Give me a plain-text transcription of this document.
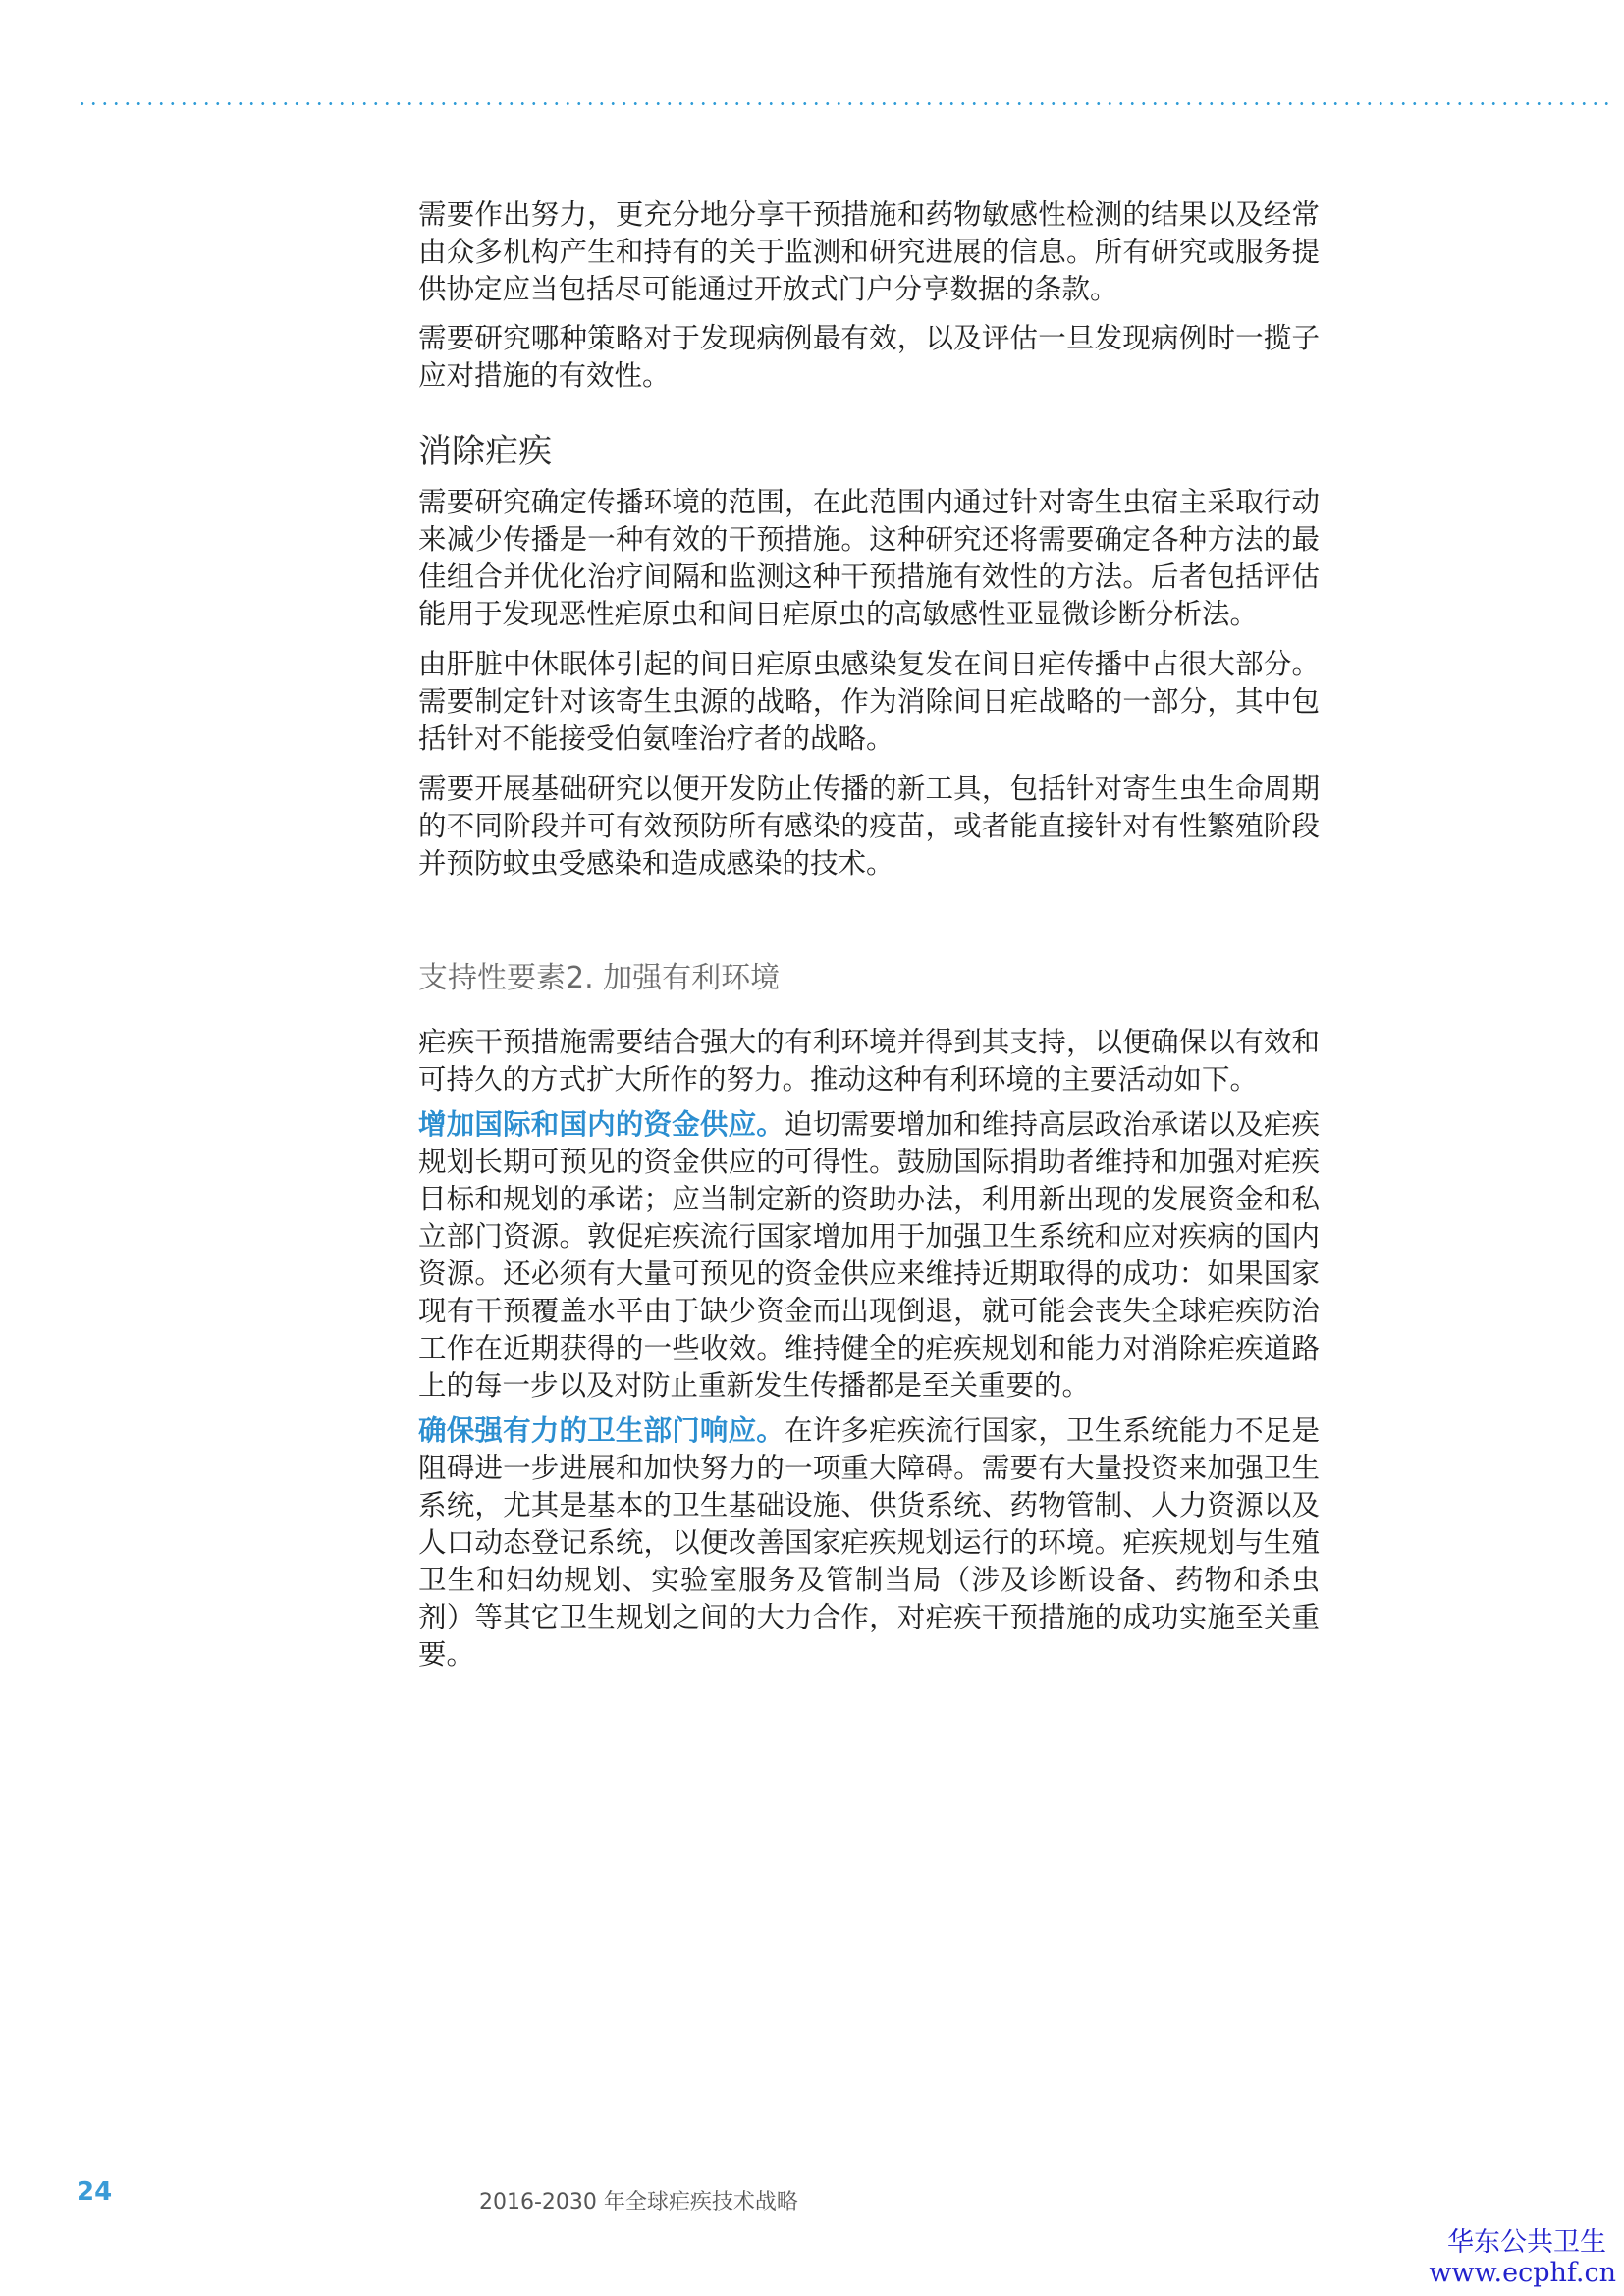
需要作出努力，更充分地分享干预措施和药物敏感性检测的结果以及经常由众多机构产生和持有的关于监测和研究进展的信息。所有研究或服务提供协定应当包括尽可能通过开放式门户分享数据的条款。

需要研究哪种策略对于发现病例最有效，以及评估一旦发现病例时一揽子应对措施的有效性。

消除疟疾

需要研究确定传播环境的范围，在此范围内通过针对寄生虫宿主采取行动来减少传播是一种有效的干预措施。这种研究还将需要确定各种方法的最佳组合并优化治疗间隔和监测这种干预措施有效性的方法。后者包括评估能用于发现恶性疟原虫和间日疟原虫的高敏感性亚显微诊断分析法。

由肝脏中休眠体引起的间日疟原虫感染复发在间日疟传播中占很大部分。需要制定针对该寄生虫源的战略，作为消除间日疟战略的一部分，其中包括针对不能接受伯氨喹治疗者的战略。

需要开展基础研究以便开发防止传播的新工具，包括针对寄生虫生命周期的不同阶段并可有效预防所有感染的疫苗，或者能直接针对有性繁殖阶段并预防蚊虫受感染和造成感染的技术。

支持性要素2. 加强有利环境

疟疾干预措施需要结合强大的有利环境并得到其支持，以便确保以有效和可持久的方式扩大所作的努力。推动这种有利环境的主要活动如下。

增加国际和国内的资金供应。迫切需要增加和维持高层政治承诺以及疟疾规划长期可预见的资金供应的可得性。鼓励国际捐助者维持和加强对疟疾目标和规划的承诺；应当制定新的资助办法，利用新出现的发展资金和私立部门资源。敦促疟疾流行国家增加用于加强卫生系统和应对疾病的国内资源。还必须有大量可预见的资金供应来维持近期取得的成功：如果国家现有干预覆盖水平由于缺少资金而出现倒退，就可能会丧失全球疟疾防治工作在近期获得的一些收效。维持健全的疟疾规划和能力对消除疟疾道路上的每一步以及对防止重新发生传播都是至关重要的。

确保强有力的卫生部门响应。在许多疟疾流行国家，卫生系统能力不足是阻碍进一步进展和加快努力的一项重大障碍。需要有大量投资来加强卫生系统，尤其是基本的卫生基础设施、供货系统、药物管制、人力资源以及人口动态登记系统，以便改善国家疟疾规划运行的环境。疟疾规划与生殖卫生和妇幼规划、实验室服务及管制当局（涉及诊断设备、药物和杀虫剂）等其它卫生规划之间的大力合作，对疟疾干预措施的成功实施至关重要。

24	2016-2030 年全球疟疾技术战略
华东公共卫生
www.ecphf.cn
